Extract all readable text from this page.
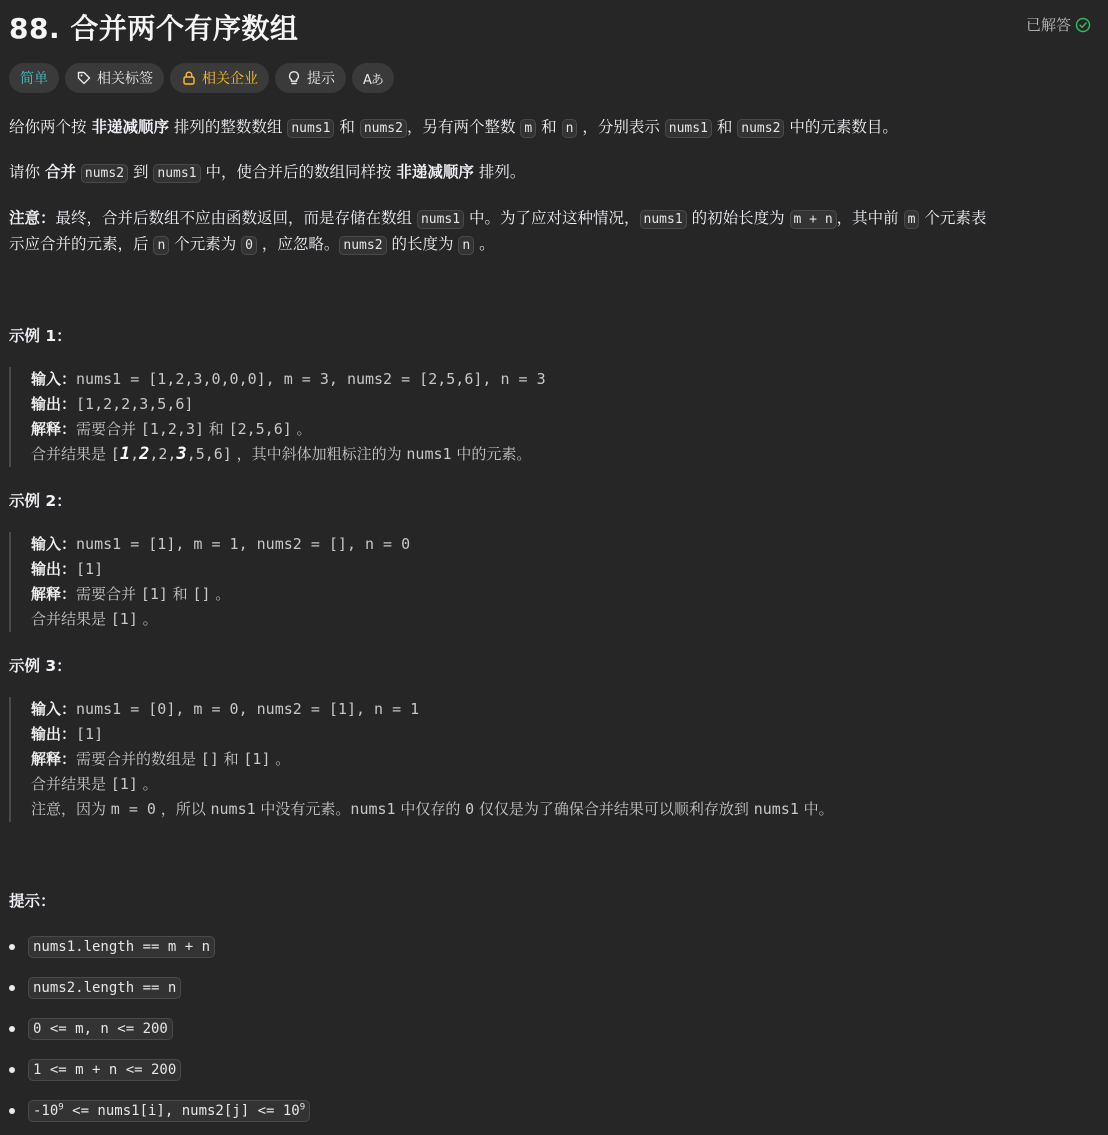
88. 合并两个有序数组	已解答
简单	相关标签	相关企业	提示 Aあ
给你两个按 非递减顺序 排列的整数数组 nums1 和 nums2 ，另有两个整数 m 和 n ，分别表示 nums1 和 nums2 中的元素数目。
请你 合并 nums2 到 nums1 中，使合并后的数组同样按 非递减顺序 排列。
注意：最终，合并后数组不应由函数返回，而是存储在数组 nums1 中。为了应对这种情况， nums1 的初始长度为 m + n ，其中前 m 个元素表
示应合并的元素，后 n 个元素为 0 ，应忽略。 nums2 的长度为 n 。
示例 1：
输入：nums1 = [1,2,3,0,0,0], m = 3, nums2 = [2,5,6], n = 3
输出：[1,2,2,3,5,6]
解释：需要合并 [1,2,3] 和 [2,5,6] 。
合并结果是 [1,2,2,3,5,6] ，其中斜体加粗标注的为 nums1 中的元素。
示例 2：
输入：nums1 = [1], m = 1, nums2 = [], n = 0
输出：[1]
解释：需要合并 [1] 和 [] 。
合并结果是 [1] 。
示例 3：
输入：nums1 = [0], m = 0, nums2 = [1], n = 1
输出：[1]
解释：需要合并的数组是 [] 和 [1] 。
合并结果是 [1] 。
注意，因为 m = 0 ，所以 nums1 中没有元素。nums1 中仅存的 0 仅仅是为了确保合并结果可以顺利存放到 nums1 中。
提示：
nums1.length == m + n
nums2.length == n
0 <= m, n <= 200
1 <= m + n <= 200
$-10^9$ <= nums1[i], nums2[j] <= $10^9$
